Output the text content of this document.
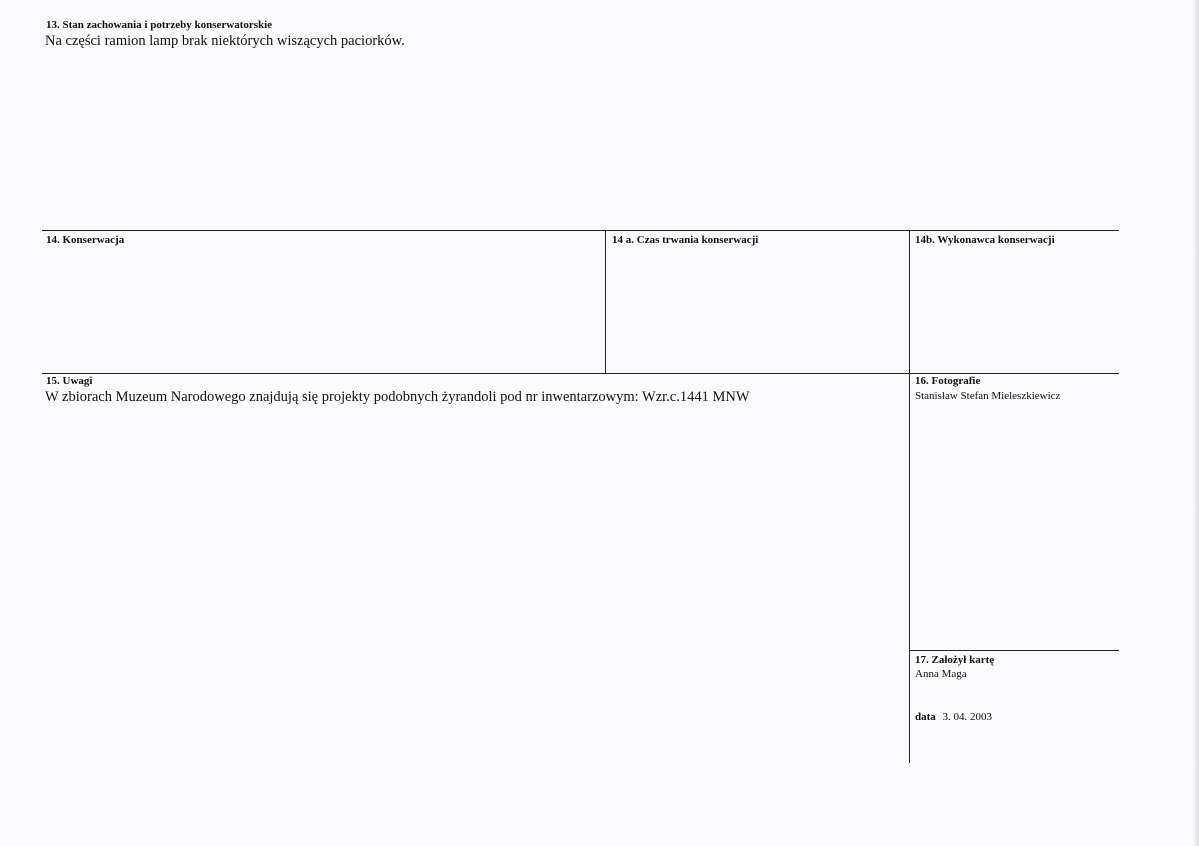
13. Stan zachowania i potrzeby konserwatorskie
Na części ramion lamp brak niektórych wiszących paciorków.
14. Konserwacja	14 a. Czas trwania konserwacji	14b. Wykonawca konserwacji
15. Uwagi
W zbiorach Muzeum Narodowego znajdują się projekty podobnych żyrandoli pod nr inwentarzowym: Wzr.c.1441 MNW
16. Fotografie
Stanisław Stefan Mieleszkiewicz
17. Założył kartę
Anna Maga
data 3. 04. 2003
